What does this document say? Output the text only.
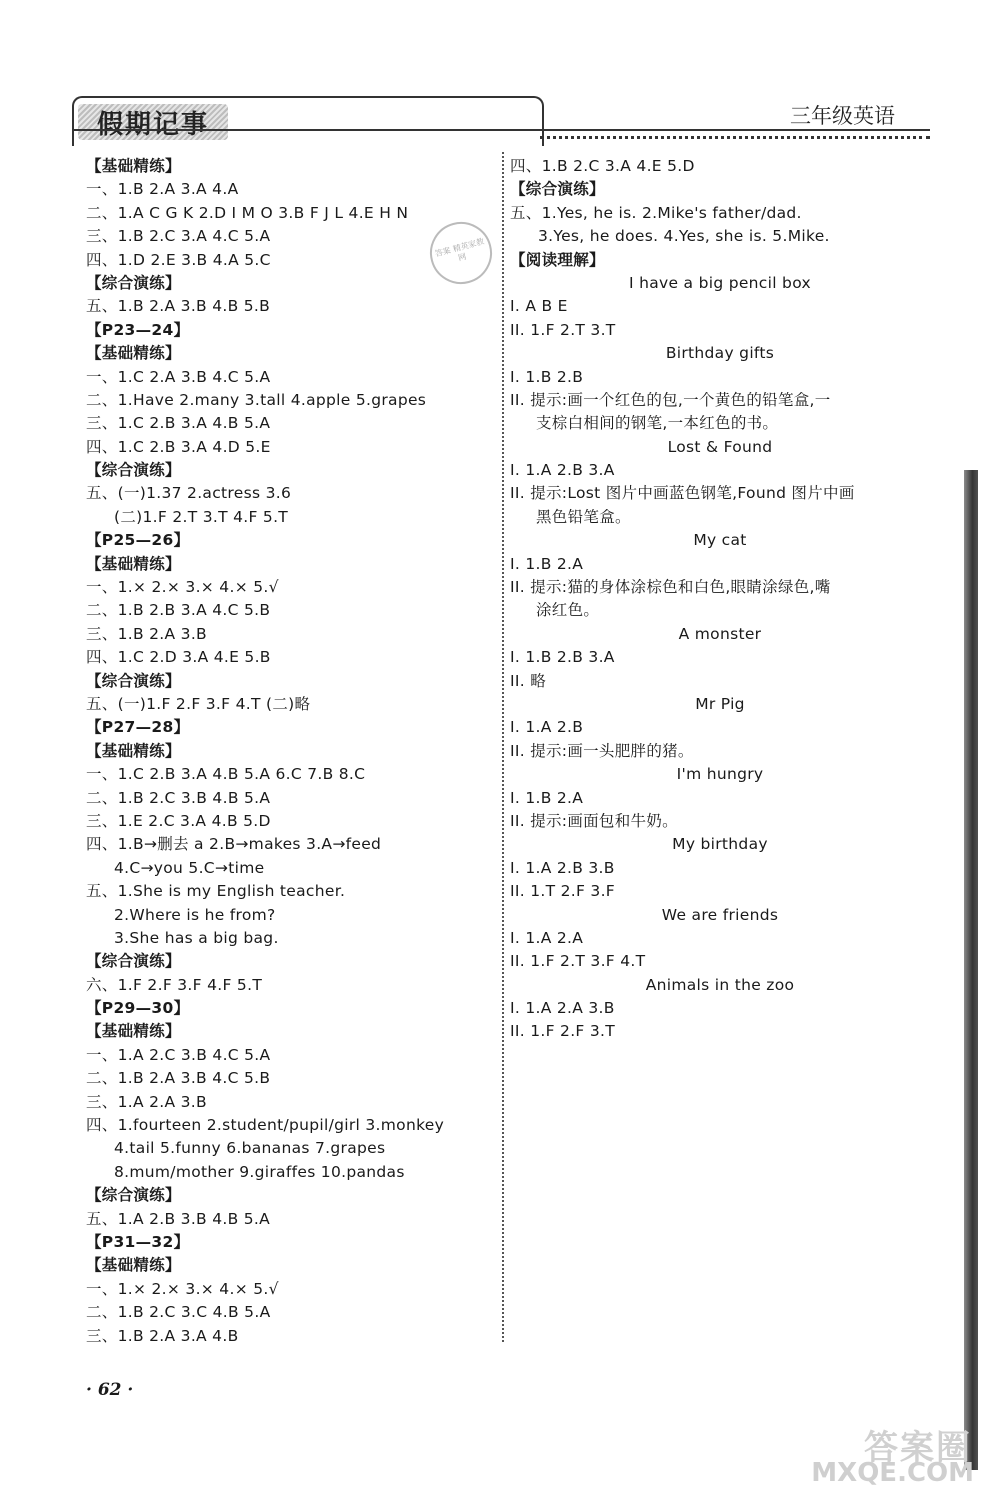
假期记事	三年级英语
【基础精练】
一、1.B 2.A 3.A 4.A
二、1.A C G K 2.D I M O 3.B F J L 4.E H N
三、1.B 2.C 3.A 4.C 5.A
四、1.D 2.E 3.B 4.A 5.C
【综合演练】
五、1.B 2.A 3.B 4.B 5.B
【P23—24】
【基础精练】
一、1.C 2.A 3.B 4.C 5.A
二、1.Have 2.many 3.tall 4.apple 5.grapes
三、1.C 2.B 3.A 4.B 5.A
四、1.C 2.B 3.A 4.D 5.E
【综合演练】
五、(一)1.37 2.actress 3.6
(二)1.F 2.T 3.T 4.F 5.T
【P25—26】
【基础精练】
一、1.× 2.× 3.× 4.× 5.√
二、1.B 2.B 3.A 4.C 5.B
三、1.B 2.A 3.B
四、1.C 2.D 3.A 4.E 5.B
【综合演练】
五、(一)1.F 2.F 3.F 4.T (二)略
【P27—28】
【基础精练】
一、1.C 2.B 3.A 4.B 5.A 6.C 7.B 8.C
二、1.B 2.C 3.B 4.B 5.A
三、1.E 2.C 3.A 4.B 5.D
四、1.B→删去 a 2.B→makes 3.A→feed
4.C→you 5.C→time
五、1.She is my English teacher.
2.Where is he from?
3.She has a big bag.
【综合演练】
六、1.F 2.F 3.F 4.F 5.T
【P29—30】
【基础精练】
一、1.A 2.C 3.B 4.C 5.A
二、1.B 2.A 3.B 4.C 5.B
三、1.A 2.A 3.B
四、1.fourteen 2.student/pupil/girl 3.monkey
4.tail 5.funny 6.bananas 7.grapes
8.mum/mother 9.giraffes 10.pandas
【综合演练】
五、1.A 2.B 3.B 4.B 5.A
【P31—32】
【基础精练】
一、1.× 2.× 3.× 4.× 5.√
二、1.B 2.C 3.C 4.B 5.A
三、1.B 2.A 3.A 4.B
四、1.B 2.C 3.A 4.E 5.D
【综合演练】
五、1.Yes, he is. 2.Mike's father/dad.
3.Yes, he does. 4.Yes, she is. 5.Mike.
【阅读理解】
I have a big pencil box
I. A B E
II. 1.F 2.T 3.T
Birthday gifts
I. 1.B 2.B
II. 提示:画一个红色的包,一个黄色的铅笔盒,一
支棕白相间的钢笔,一本红色的书。
Lost & Found
I. 1.A 2.B 3.A
II. 提示:Lost 图片中画蓝色钢笔,Found 图片中画
黑色铅笔盒。
My cat
I. 1.B 2.A
II. 提示:猫的身体涂棕色和白色,眼睛涂绿色,嘴
涂红色。
A monster
I. 1.B 2.B 3.A
II. 略
Mr Pig
I. 1.A 2.B
II. 提示:画一头肥胖的猪。
I'm hungry
I. 1.B 2.A
II. 提示:画面包和牛奶。
My birthday
I. 1.A 2.B 3.B
II. 1.T 2.F 3.F
We are friends
I. 1.A 2.A
II. 1.F 2.T 3.F 4.T
Animals in the zoo
I. 1.A 2.A 3.B
II. 1.F 2.F 3.T
· 62 ·
答案 精英家教网
答案圈
MXQE.COM
